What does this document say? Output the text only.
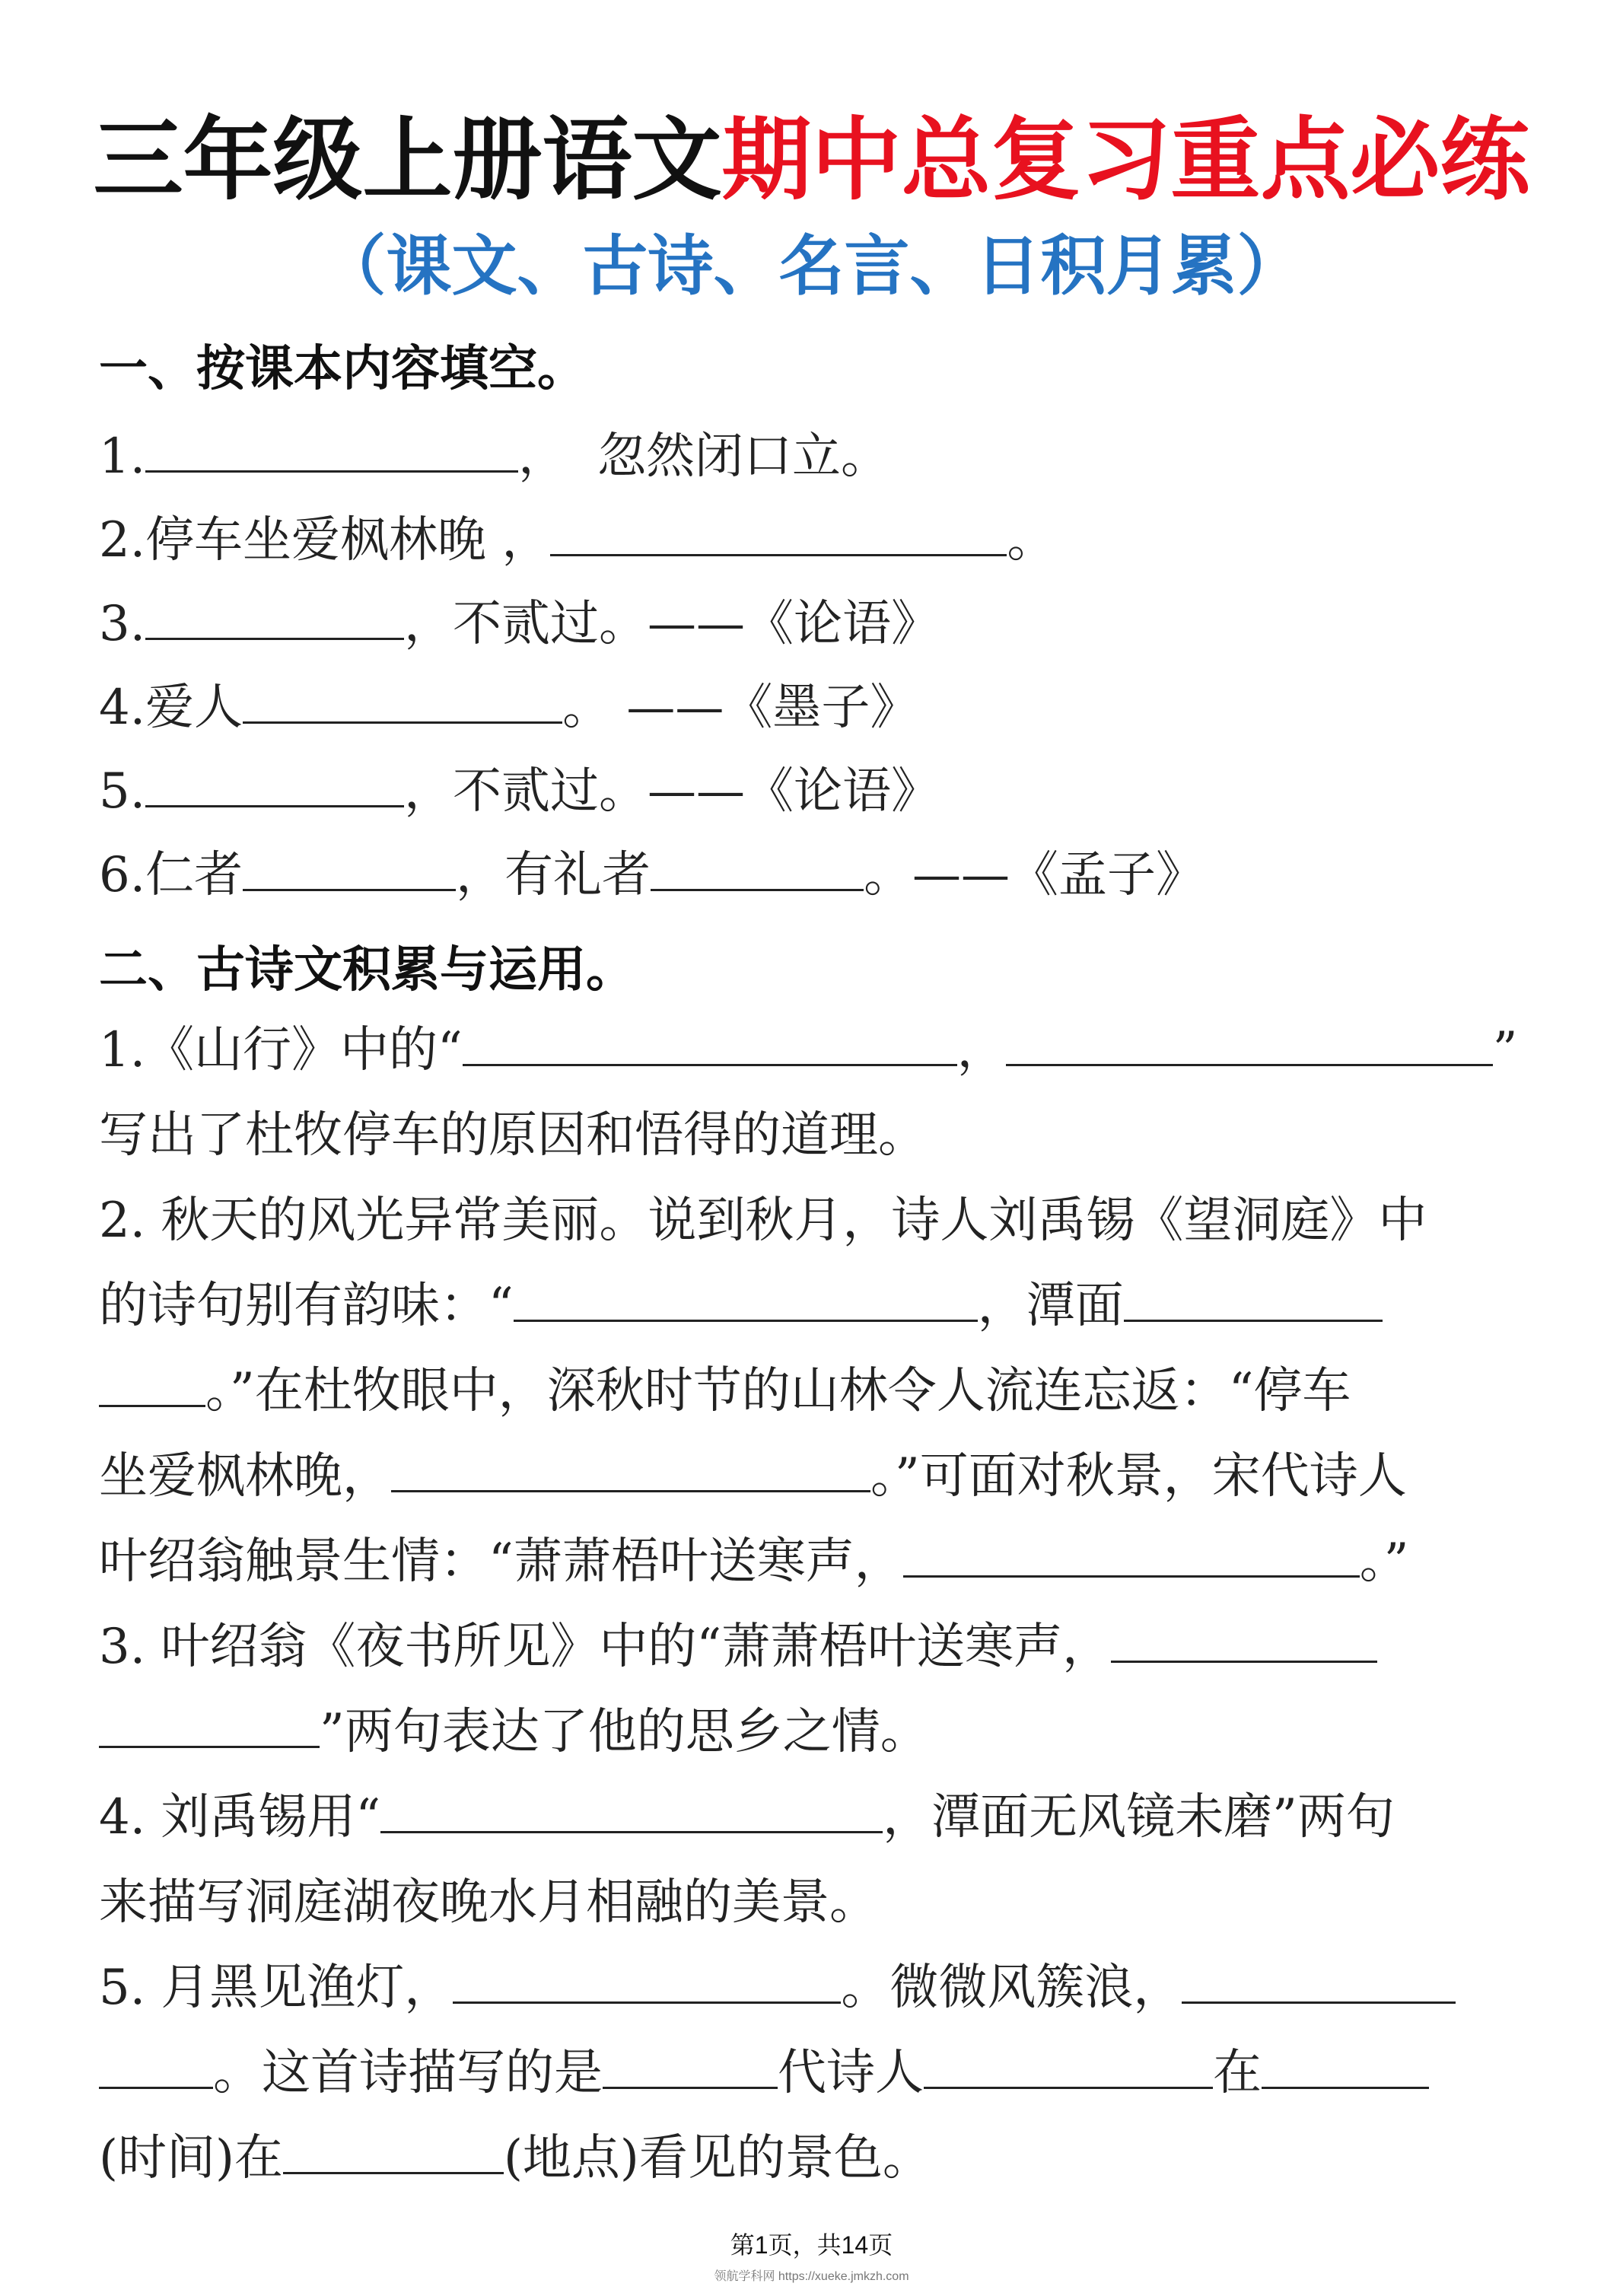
三年级上册语文期中总复习重点必练
（课文、古诗、名言、日积月累）
一、按课本内容填空。
1.	， 忽然闭口立。
2.停车坐爱枫林晚 ，	。
3.	，不贰过。——《论语》
4.爱人	。 ——《墨子》
5.	，不贰过。——《论语》
6.仁者	，有礼者	。——《孟子》
二、古诗文积累与运用。
1.《山行》中的“	，	”
写出了杜牧停车的原因和悟得的道理。
2. 秋天的风光异常美丽。说到秋月，诗人刘禹锡《望洞庭》中
的诗句别有韵味：“	，潭面
。”在杜牧眼中，深秋时节的山林令人流连忘返：“停车
坐爱枫林晚，	。”可面对秋景，宋代诗人
叶绍翁触景生情：“萧萧梧叶送寒声，	。”
3. 叶绍翁《夜书所见》中的“萧萧梧叶送寒声，
”两句表达了他的思乡之情。
4. 刘禹锡用“	，潭面无风镜未磨”两句
来描写洞庭湖夜晚水月相融的美景。
5. 月黑见渔灯，	。微微风簇浪，
。这首诗描写的是	代诗人	在
(时间)在	(地点)看见的景色。
第1页，共14页
领航学科网 https://xueke.jmkzh.com
